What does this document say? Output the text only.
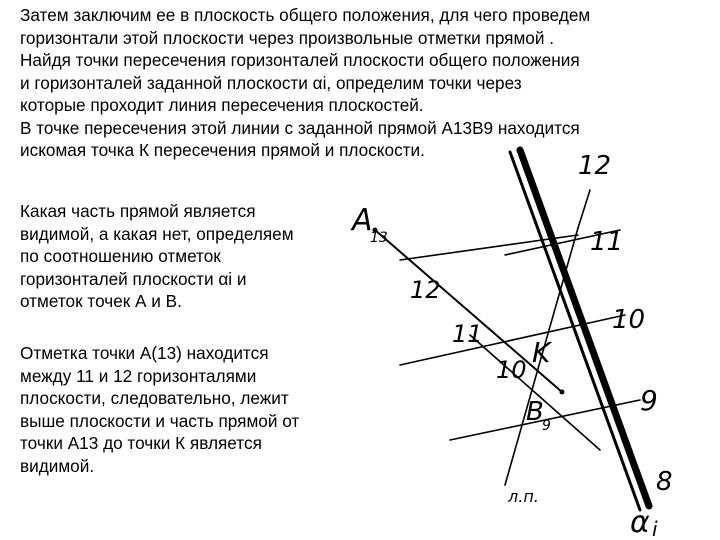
Затем заключим ее в плоскость общего положения, для чего проведем
горизонтали этой плоскости через произвольные отметки прямой .
Найдя точки пересечения горизонталей плоскости общего положения
и горизонталей заданной плоскости αi, определим точки через
которые проходит линия пересечения плоскостей.
В точке пересечения этой линии с заданной прямой А13В9 находится
искомая точка К пересечения прямой и плоскости.

Какая часть прямой является
видимой, а какая нет, определяем
по соотношению отметок
горизонталей плоскости αi и
отметок точек А и В.

Отметка точки А(13) находится
между 11 и 12 горизонталями
плоскости, следовательно, лежит
выше плоскости и часть прямой от
точки А13 до точки К является
видимой.

A
13
K
B
9
α i
л.п.
12
11
10
12
11
10
9
8
